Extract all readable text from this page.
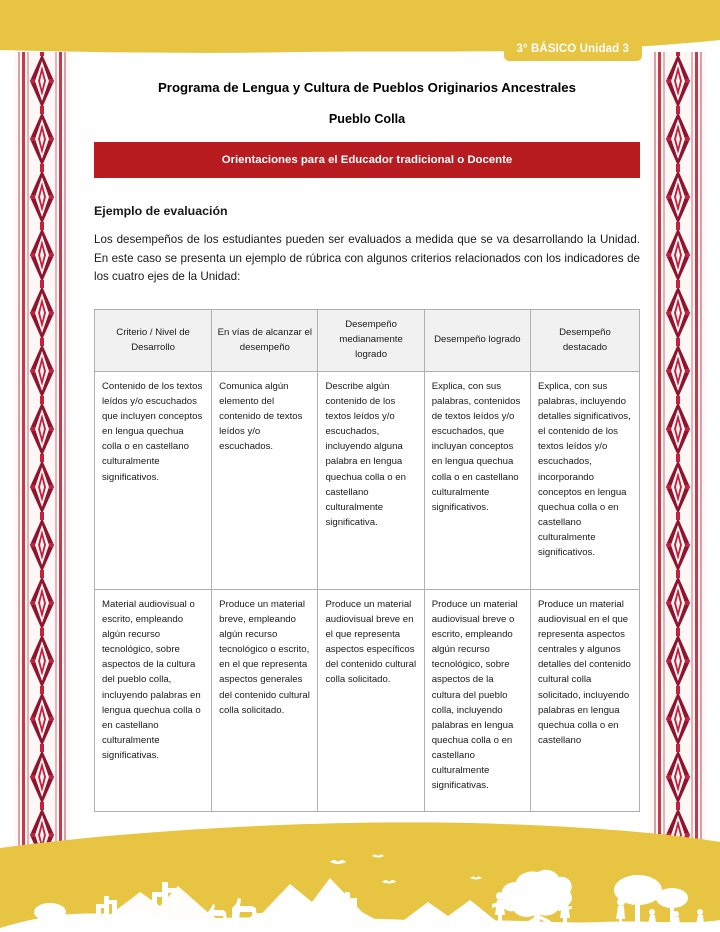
3° BÁSICO Unidad 3
Programa de Lengua y Cultura de Pueblos Originarios Ancestrales
Pueblo Colla
Orientaciones para el Educador tradicional o Docente
Ejemplo de evaluación
Los desempeños de los estudiantes pueden ser evaluados a medida que se va desarrollando la Unidad. En este caso se presenta un ejemplo de rúbrica con algunos criterios relacionados con los indicadores de los cuatro ejes de la Unidad:
Criterio / Nivel de Desarrollo	En vías de alcanzar el desempeño	Desempeño medianamente logrado	Desempeño logrado	Desempeño destacado
Contenido de los textos leídos y/o escuchados que incluyen conceptos en lengua quechua colla o en castellano culturalmente significativos.	Comunica algún elemento del contenido de textos leídos y/o escuchados.	Describe algún contenido de los textos leídos y/o escuchados, incluyendo alguna palabra en lengua quechua colla o en castellano culturalmente significativa.	Explica, con sus palabras, contenidos de textos leídos y/o escuchados, que incluyan conceptos en lengua quechua colla o en castellano culturalmente significativos.	Explica, con sus palabras, incluyendo detalles significativos, el contenido de los textos leídos y/o escuchados, incorporando conceptos en lengua quechua colla o en castellano culturalmente significativos.
Material audiovisual o escrito, empleando algún recurso tecnológico, sobre aspectos de la cultura del pueblo colla, incluyendo palabras en lengua quechua colla o en castellano culturalmente significativas.	Produce un material breve, empleando algún recurso tecnológico o escrito, en el que representa aspectos generales del contenido cultural colla solicitado.	Produce un material audiovisual breve en el que representa aspectos específicos del contenido cultural colla solicitado.	Produce un material audiovisual breve o escrito, empleando algún recurso tecnológico, sobre aspectos de la cultura del pueblo colla, incluyendo palabras en lengua quechua colla o en castellano culturalmente significativas.	Produce un material audiovisual en el que representa aspectos centrales y algunos detalles del contenido cultural colla solicitado, incluyendo palabras en lengua quechua colla o en castellano
